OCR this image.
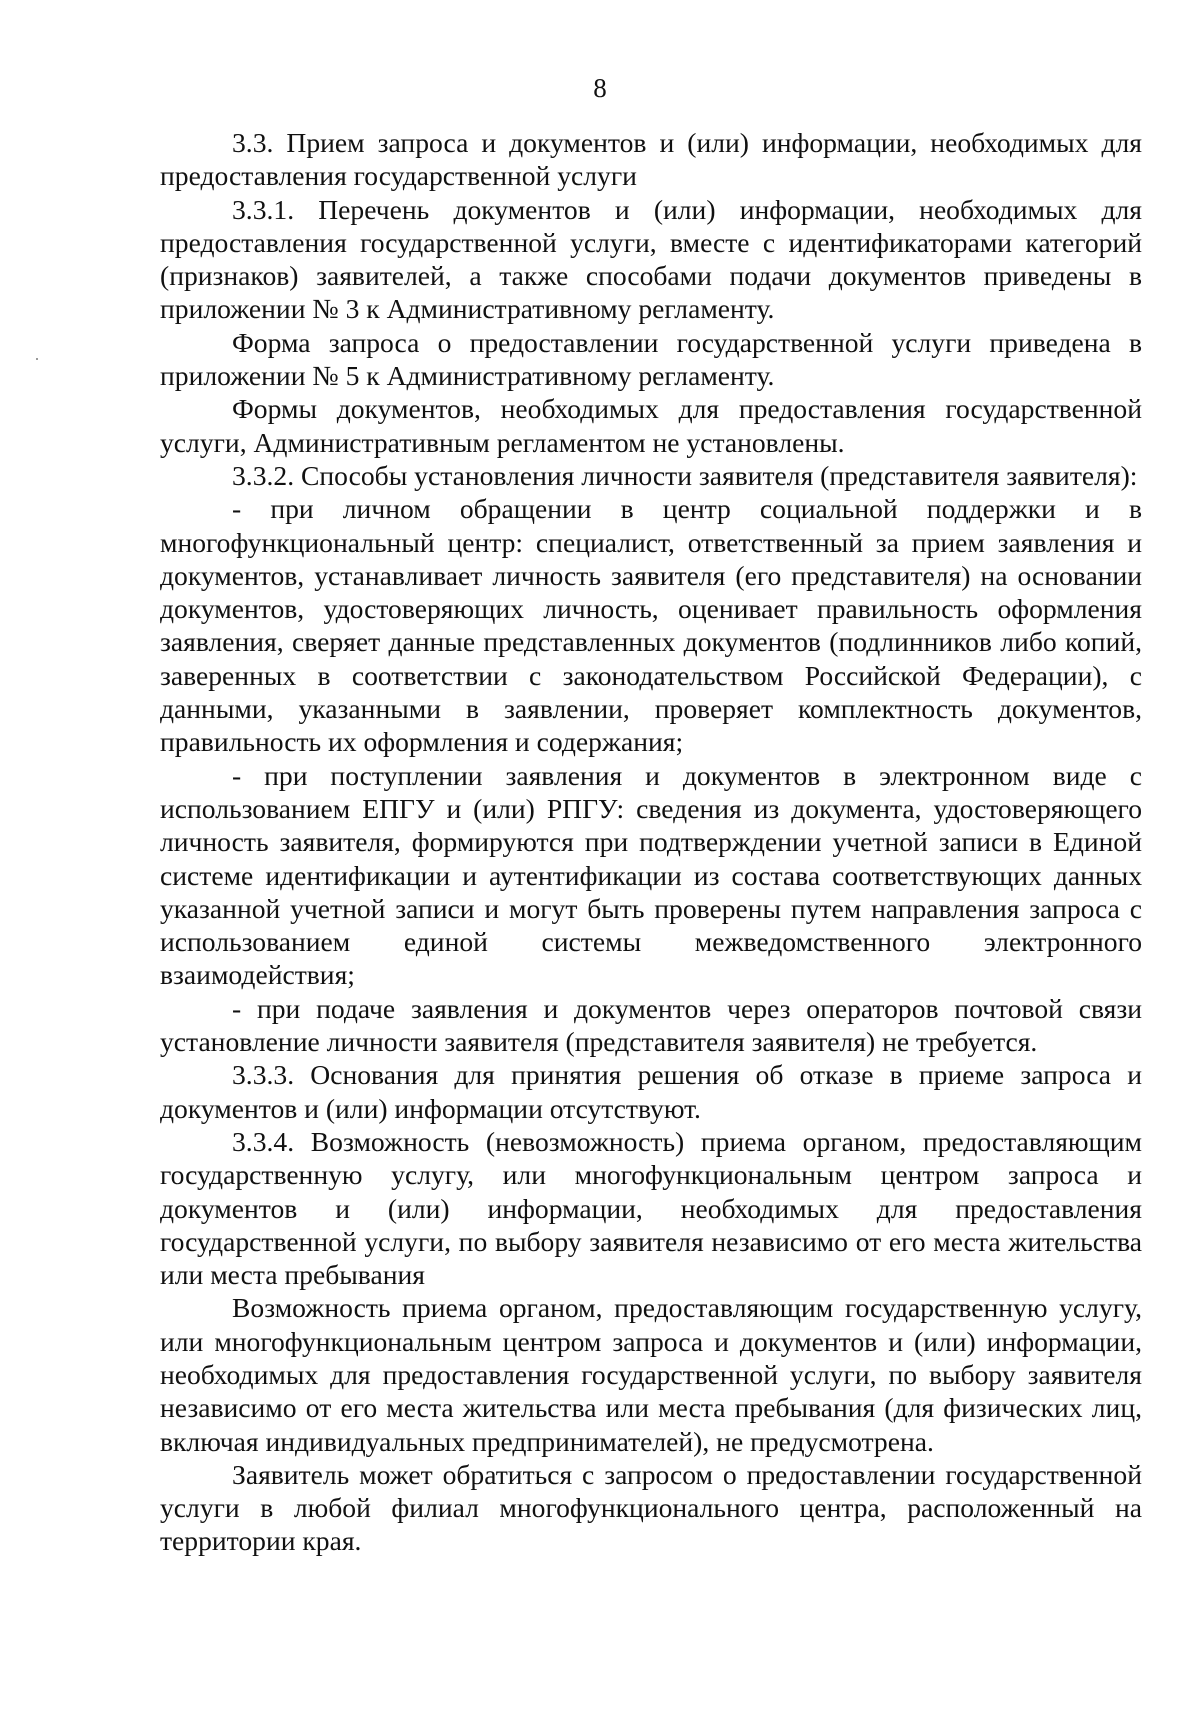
8

3.3. Прием запроса и документов и (или) информации, необходимых для предоставления государственной услуги

3.3.1. Перечень документов и (или) информации, необходимых для предоставления государственной услуги, вместе с идентификаторами категорий (признаков) заявителей, а также способами подачи документов приведены в приложении № 3 к Административному регламенту.

Форма запроса о предоставлении государственной услуги приведена в приложении № 5 к Административному регламенту.

Формы документов, необходимых для предоставления государственной услуги, Административным регламентом не установлены.

3.3.2. Способы установления личности заявителя (представителя заявителя):

- при личном обращении в центр социальной поддержки и в многофункциональный центр: специалист, ответственный за прием заявления и документов, устанавливает личность заявителя (его представителя) на основании документов, удостоверяющих личность, оценивает правильность оформления заявления, сверяет данные представленных документов (подлинников либо копий, заверенных в соответствии с законодательством Российской Федерации), с данными, указанными в заявлении, проверяет комплектность документов, правильность их оформления и содержания;

- при поступлении заявления и документов в электронном виде с использованием ЕПГУ и (или) РПГУ: сведения из документа, удостоверяющего личность заявителя, формируются при подтверждении учетной записи в Единой системе идентификации и аутентификации из состава соответствующих данных указанной учетной записи и могут быть проверены путем направления запроса с использованием единой системы межведомственного электронного взаимодействия;

- при подаче заявления и документов через операторов почтовой связи установление личности заявителя (представителя заявителя) не требуется.

3.3.3. Основания для принятия решения об отказе в приеме запроса и документов и (или) информации отсутствуют.

3.3.4. Возможность (невозможность) приема органом, предоставляющим государственную услугу, или многофункциональным центром запроса и документов и (или) информации, необходимых для предоставления государственной услуги, по выбору заявителя независимо от его места жительства или места пребывания

Возможность приема органом, предоставляющим государственную услугу, или многофункциональным центром запроса и документов и (или) информации, необходимых для предоставления государственной услуги, по выбору заявителя независимо от его места жительства или места пребывания (для физических лиц, включая индивидуальных предпринимателей), не предусмотрена.

Заявитель может обратиться с запросом о предоставлении государственной услуги в любой филиал многофункционального центра, расположенный на территории края.
